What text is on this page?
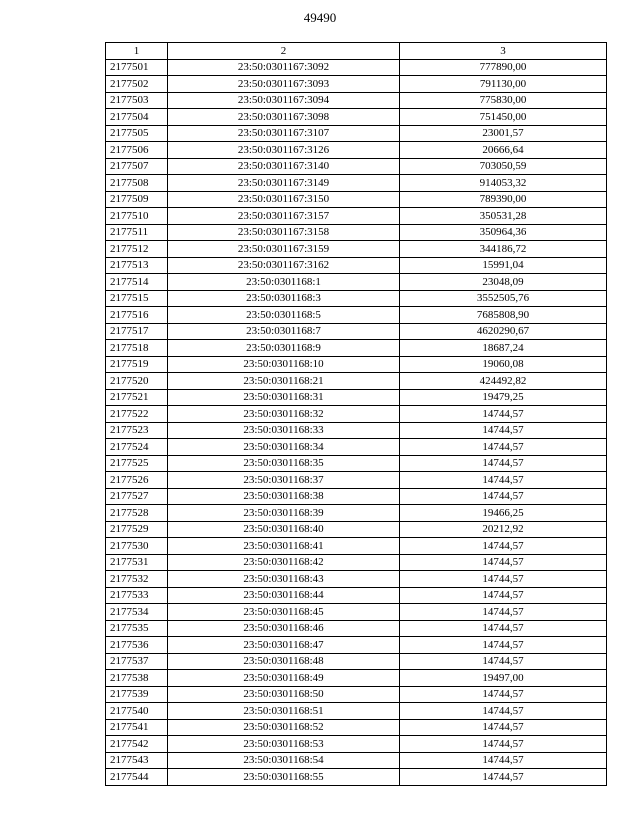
49490
1	2	3
2177501	23:50:0301167:3092	777890,00
2177502	23:50:0301167:3093	791130,00
2177503	23:50:0301167:3094	775830,00
2177504	23:50:0301167:3098	751450,00
2177505	23:50:0301167:3107	23001,57
2177506	23:50:0301167:3126	20666,64
2177507	23:50:0301167:3140	703050,59
2177508	23:50:0301167:3149	914053,32
2177509	23:50:0301167:3150	789390,00
2177510	23:50:0301167:3157	350531,28
2177511	23:50:0301167:3158	350964,36
2177512	23:50:0301167:3159	344186,72
2177513	23:50:0301167:3162	15991,04
2177514	23:50:0301168:1	23048,09
2177515	23:50:0301168:3	3552505,76
2177516	23:50:0301168:5	7685808,90
2177517	23:50:0301168:7	4620290,67
2177518	23:50:0301168:9	18687,24
2177519	23:50:0301168:10	19060,08
2177520	23:50:0301168:21	424492,82
2177521	23:50:0301168:31	19479,25
2177522	23:50:0301168:32	14744,57
2177523	23:50:0301168:33	14744,57
2177524	23:50:0301168:34	14744,57
2177525	23:50:0301168:35	14744,57
2177526	23:50:0301168:37	14744,57
2177527	23:50:0301168:38	14744,57
2177528	23:50:0301168:39	19466,25
2177529	23:50:0301168:40	20212,92
2177530	23:50:0301168:41	14744,57
2177531	23:50:0301168:42	14744,57
2177532	23:50:0301168:43	14744,57
2177533	23:50:0301168:44	14744,57
2177534	23:50:0301168:45	14744,57
2177535	23:50:0301168:46	14744,57
2177536	23:50:0301168:47	14744,57
2177537	23:50:0301168:48	14744,57
2177538	23:50:0301168:49	19497,00
2177539	23:50:0301168:50	14744,57
2177540	23:50:0301168:51	14744,57
2177541	23:50:0301168:52	14744,57
2177542	23:50:0301168:53	14744,57
2177543	23:50:0301168:54	14744,57
2177544	23:50:0301168:55	14744,57
